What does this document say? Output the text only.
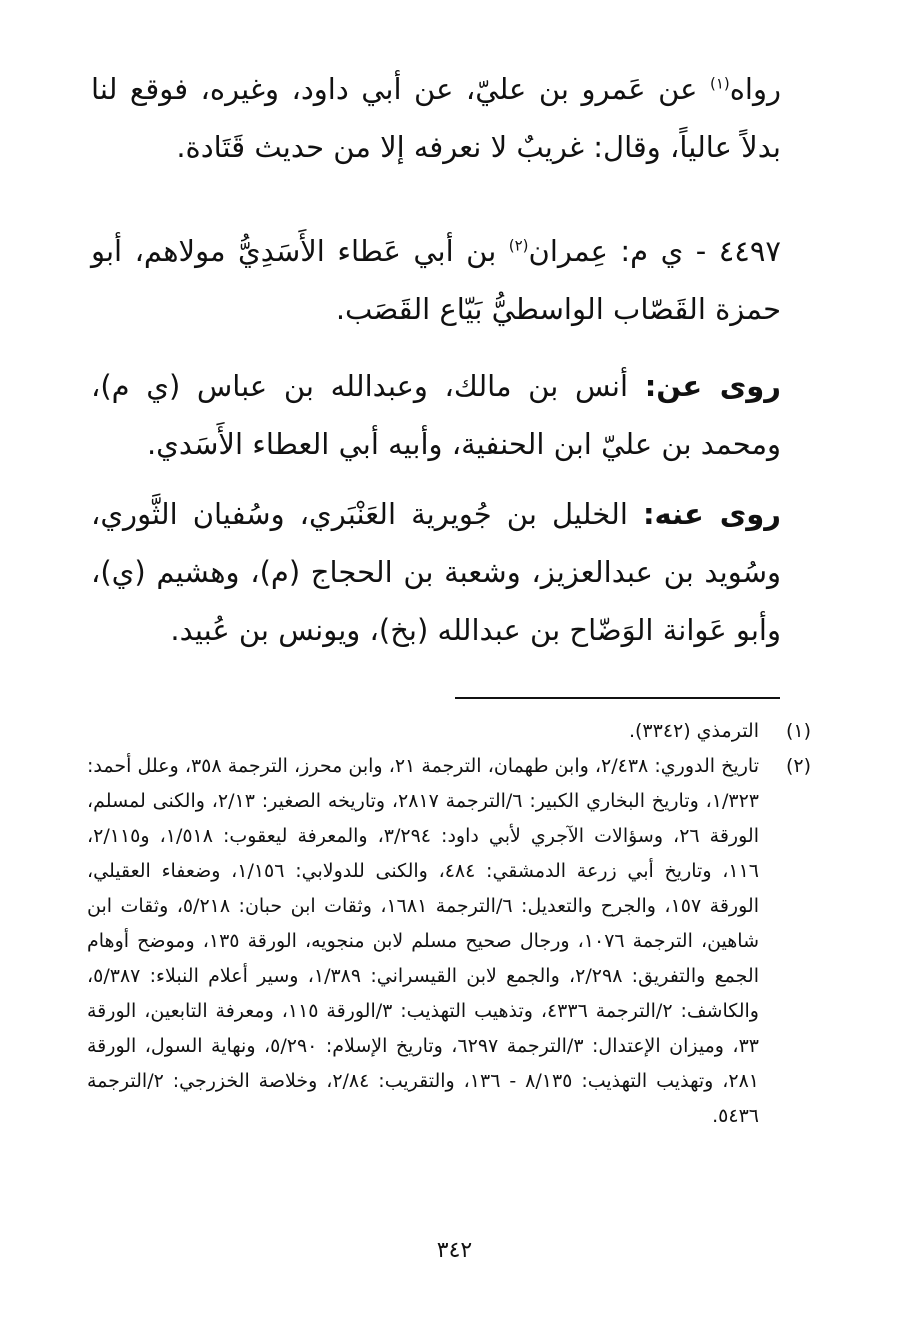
رواه$^{(١)}$ عن عَمرو بن عليّ، عن أبي داود، وغيره، فوقع لنا بدلاً عالياً، وقال: غريبٌ لا نعرفه إلا من حديث قَتَادة.

٤٤٩٧ - ي م: عِمران$^{(٢)}$ بن أبي عَطاء الأَسَدِيُّ مولاهم، أبو حمزة القَصّاب الواسطيُّ بَيّاع القَصَب.

روى عن: أنس بن مالك، وعبدالله بن عباس (ي م)، ومحمد بن عليّ ابن الحنفية، وأبيه أبي العطاء الأَسَدي.

روى عنه: الخليل بن جُويرية العَنْبَري، وسُفيان الثَّوري، وسُويد بن عبدالعزيز، وشعبة بن الحجاج (م)، وهشيم (ي)، وأبو عَوانة الوَضّاح بن عبدالله (بخ)، ويونس بن عُبيد.

(١)
الترمذي (٣٣٤٢).
(٢)
تاريخ الدوري: ٢/٤٣٨، وابن طهمان، الترجمة ٢١، وابن محرز، الترجمة ٣٥٨، وعلل أحمد: ١/٣٢٣، وتاريخ البخاري الكبير: ٦/الترجمة ٢٨١٧، وتاريخه الصغير: ٢/١٣، والكنى لمسلم، الورقة ٢٦، وسؤالات الآجري لأبي داود: ٣/٢٩٤، والمعرفة ليعقوب: ١/٥١٨، و٢/١١٥، ١١٦، وتاريخ أبي زرعة الدمشقي: ٤٨٤، والكنى للدولابي: ١/١٥٦، وضعفاء العقيلي، الورقة ١٥٧، والجرح والتعديل: ٦/الترجمة ١٦٨١، وثقات ابن حبان: ٥/٢١٨، وثقات ابن شاهين، الترجمة ١٠٧٦، ورجال صحيح مسلم لابن منجويه، الورقة ١٣٥، وموضح أوهام الجمع والتفريق: ٢/٢٩٨، والجمع لابن القيسراني: ١/٣٨٩، وسير أعلام النبلاء: ٥/٣٨٧، والكاشف: ٢/الترجمة ٤٣٣٦، وتذهيب التهذيب: ٣/الورقة ١١٥، ومعرفة التابعين، الورقة ٣٣، وميزان الإعتدال: ٣/الترجمة ٦٢٩٧، وتاريخ الإسلام: ٥/٢٩٠، ونهاية السول، الورقة ٢٨١، وتهذيب التهذيب: ٨/١٣٥ - ١٣٦، والتقريب: ٢/٨٤، وخلاصة الخزرجي: ٢/الترجمة ٥٤٣٦.
٣٤٢
